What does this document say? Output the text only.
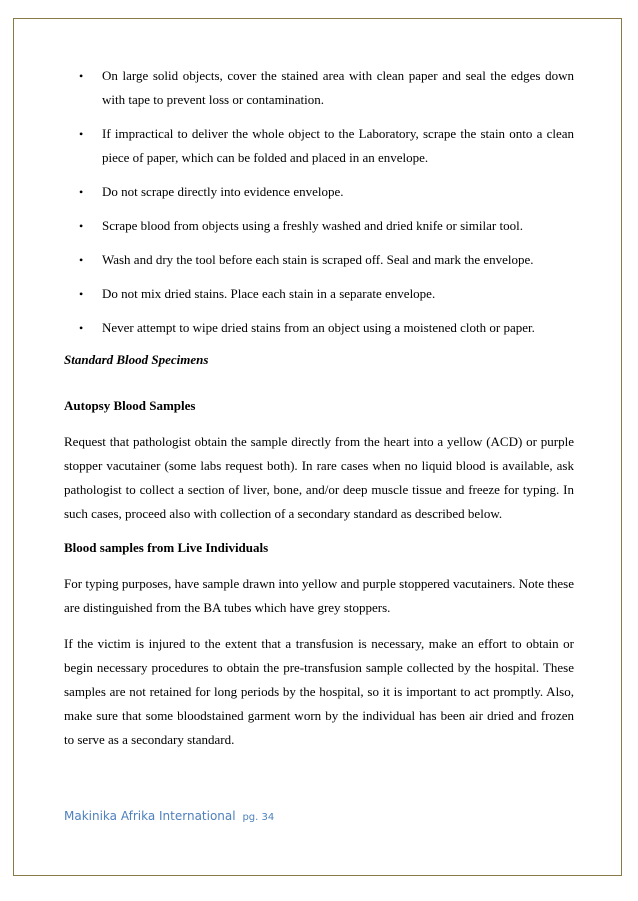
• On large solid objects, cover the stained area with clean paper and seal the edges down with tape to prevent loss or contamination.
• If impractical to deliver the whole object to the Laboratory, scrape the stain onto a clean piece of paper, which can be folded and placed in an envelope.
• Do not scrape directly into evidence envelope.
• Scrape blood from objects using a freshly washed and dried knife or similar tool.
• Wash and dry the tool before each stain is scraped off. Seal and mark the envelope.
• Do not mix dried stains. Place each stain in a separate envelope.
• Never attempt to wipe dried stains from an object using a moistened cloth or paper.
Standard Blood Specimens
Autopsy Blood Samples

Request that pathologist obtain the sample directly from the heart into a yellow (ACD) or purple stopper vacutainer (some labs request both). In rare cases when no liquid blood is available, ask pathologist to collect a section of liver, bone, and/or deep muscle tissue and freeze for typing. In such cases, proceed also with collection of a secondary standard as described below.

Blood samples from Live Individuals

For typing purposes, have sample drawn into yellow and purple stoppered vacutainers. Note these are distinguished from the BA tubes which have grey stoppers.

If the victim is injured to the extent that a transfusion is necessary, make an effort to obtain or begin necessary procedures to obtain the pre-transfusion sample collected by the hospital. These samples are not retained for long periods by the hospital, so it is important to act promptly. Also, make sure that some bloodstained garment worn by the individual has been air dried and frozen to serve as a secondary standard.

Makinika Afrika International pg. 34
